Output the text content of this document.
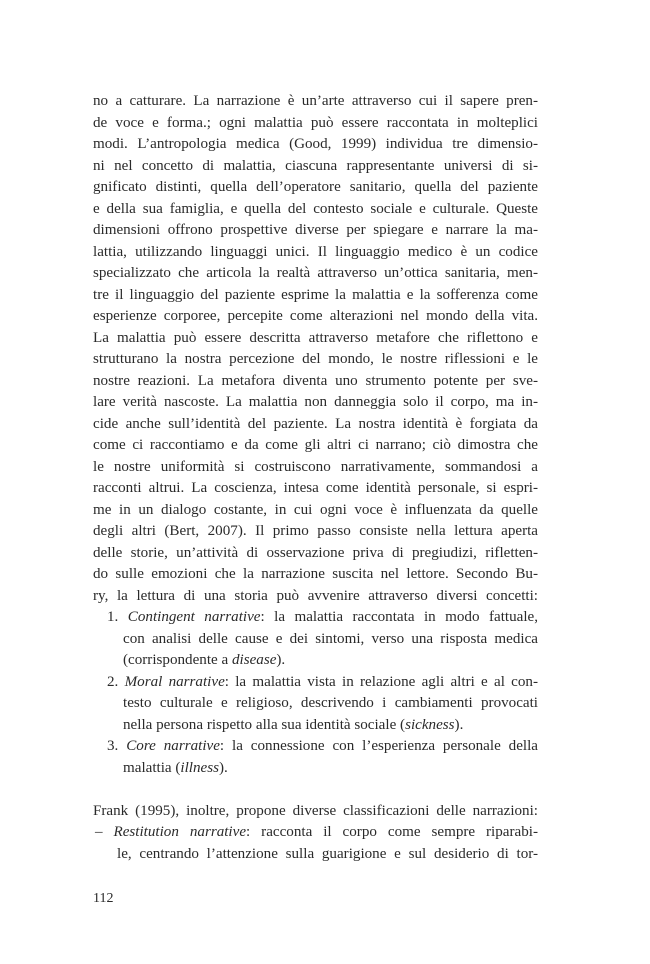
no a catturare. La narrazione è un’arte attraverso cui il sapere pren-
de voce e forma.; ogni malattia può essere raccontata in molteplici
modi. L’antropologia medica (Good, 1999) individua tre dimensio-
ni nel concetto di malattia, ciascuna rappresentante universi di si-
gnificato distinti, quella dell’operatore sanitario, quella del paziente
e della sua famiglia, e quella del contesto sociale e culturale. Queste
dimensioni offrono prospettive diverse per spiegare e narrare la ma-
lattia, utilizzando linguaggi unici. Il linguaggio medico è un codice
specializzato che articola la realtà attraverso un’ottica sanitaria, men-
tre il linguaggio del paziente esprime la malattia e la sofferenza come
esperienze corporee, percepite come alterazioni nel mondo della vita.
La malattia può essere descritta attraverso metafore che riflettono e
strutturano la nostra percezione del mondo, le nostre riflessioni e le
nostre reazioni. La metafora diventa uno strumento potente per sve-
lare verità nascoste. La malattia non danneggia solo il corpo, ma in-
cide anche sull’identità del paziente. La nostra identità è forgiata da
come ci raccontiamo e da come gli altri ci narrano; ciò dimostra che
le nostre uniformità si costruiscono narrativamente, sommandosi a
racconti altrui. La coscienza, intesa come identità personale, si espri-
me in un dialogo costante, in cui ogni voce è influenzata da quelle
degli altri (Bert, 2007). Il primo passo consiste nella lettura aperta
delle storie, un’attività di osservazione priva di pregiudizi, rifletten-
do sulle emozioni che la narrazione suscita nel lettore. Secondo Bu-
ry, la lettura di una storia può avvenire attraverso diversi concetti:
1. Contingent narrative: la malattia raccontata in modo fattuale,
con analisi delle cause e dei sintomi, verso una risposta medica
(corrispondente a disease).
2. Moral narrative: la malattia vista in relazione agli altri e al con-
testo culturale e religioso, descrivendo i cambiamenti provocati
nella persona rispetto alla sua identità sociale (sickness).
3. Core narrative: la connessione con l’esperienza personale della
malattia (illness).
Frank (1995), inoltre, propone diverse classificazioni delle narrazioni:
– Restitution narrative: racconta il corpo come sempre riparabi-
le, centrando l’attenzione sulla guarigione e sul desiderio di tor-
112
